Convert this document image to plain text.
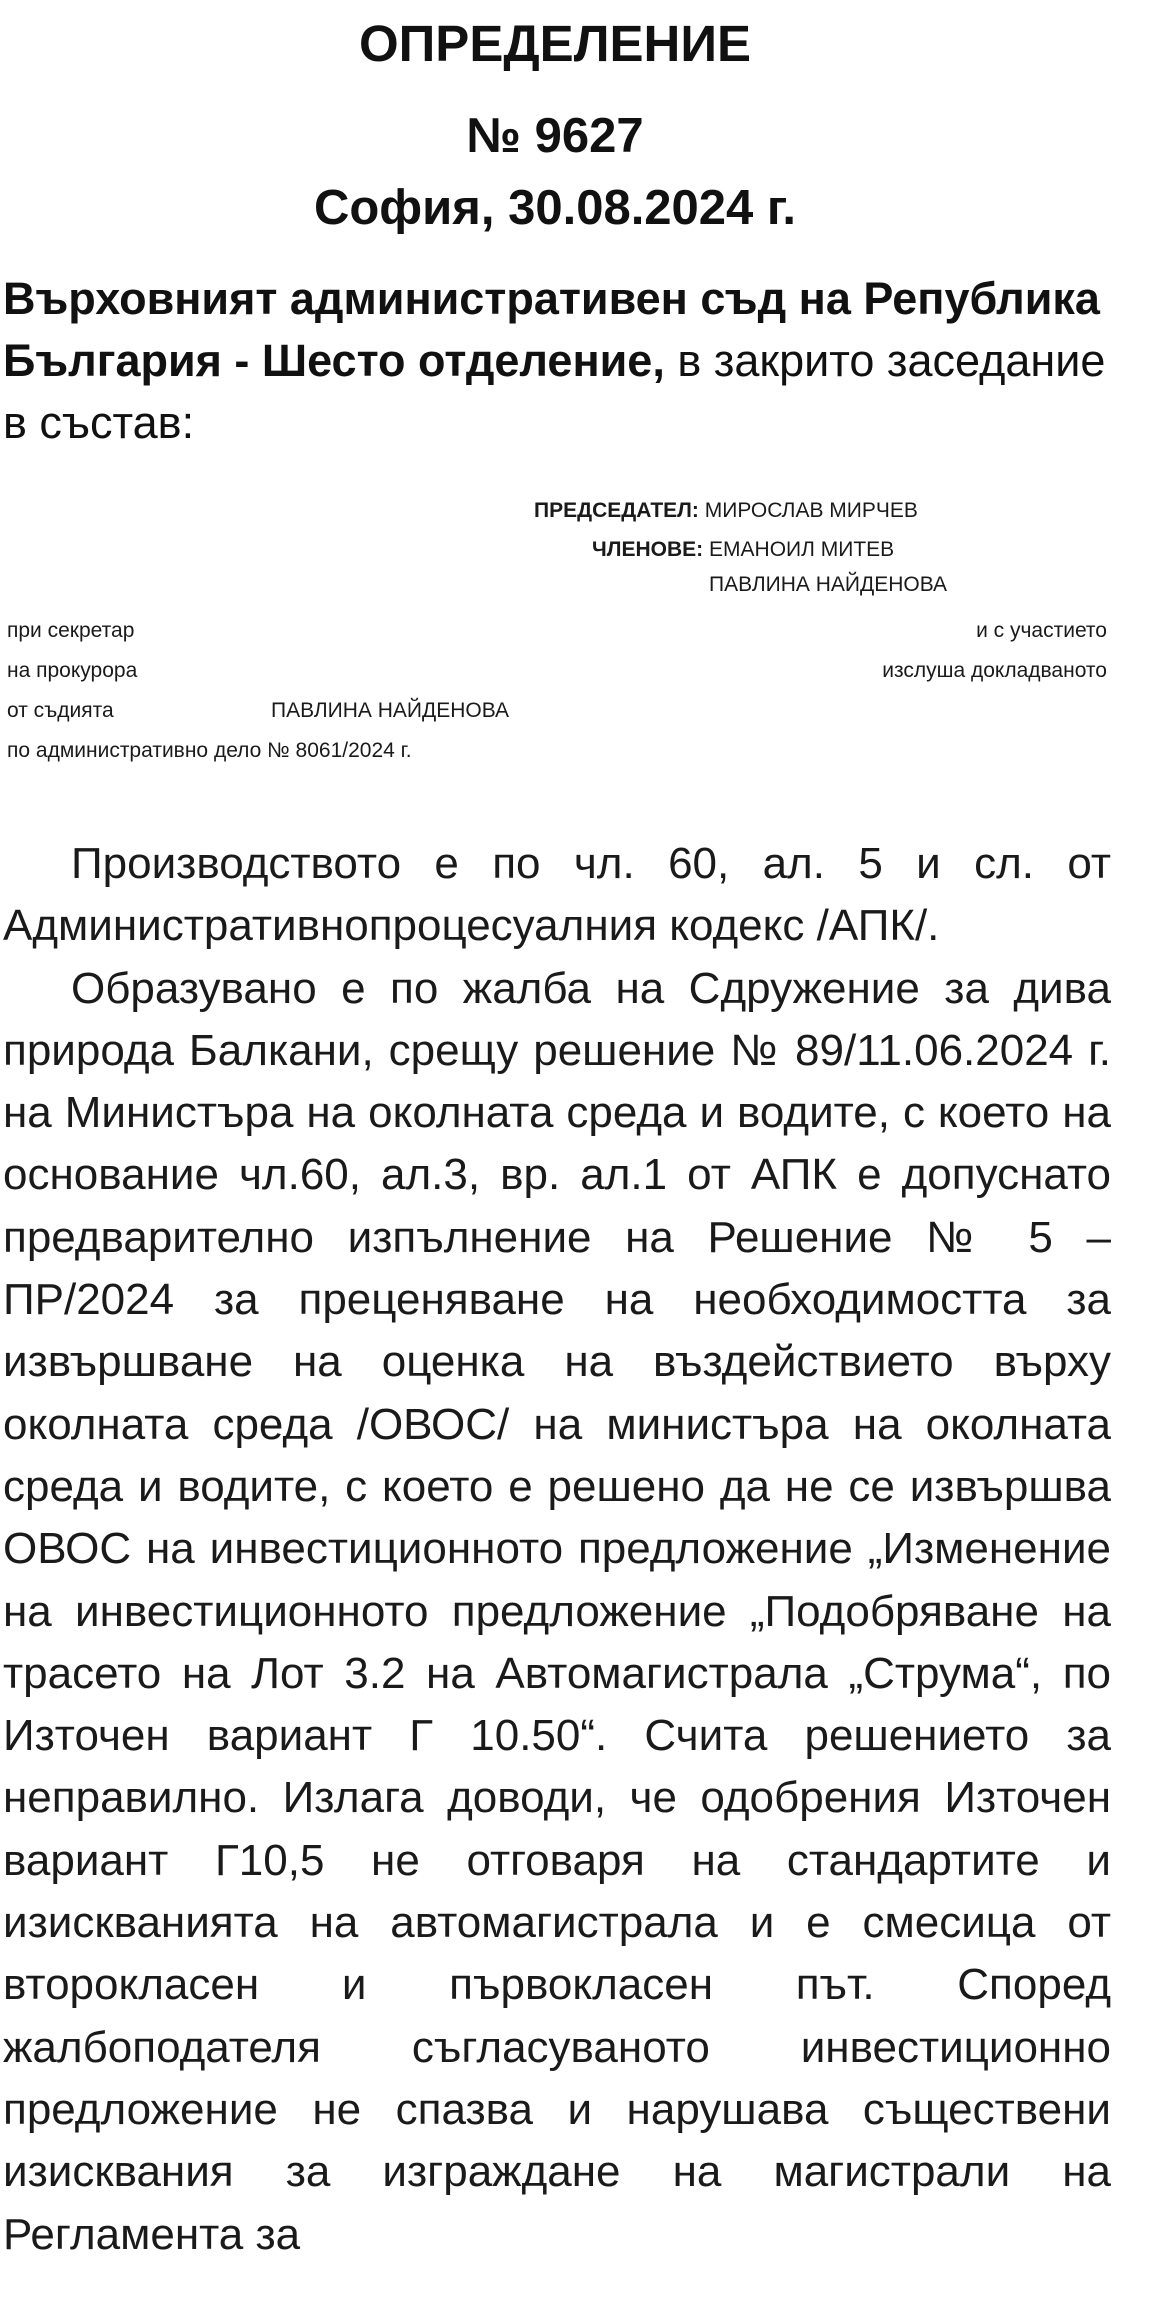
ОПРЕДЕЛЕНИЕ
№ 9627
София, 30.08.2024 г.
Върховният административен съд на Република България - Шесто отделение, в закрито заседание в състав:
ПРЕДСЕДАТЕЛ: МИРОСЛАВ МИРЧЕВ
ЧЛЕНОВЕ: ЕМАНОИЛ МИТЕВ
ПАВЛИНА НАЙДЕНОВА
при секретар	и с участието
на прокурора	изслуша докладваното
от съдията	ПАВЛИНА НАЙДЕНОВА
по административно дело № 8061/2024 г.

Производството е по чл. 60, ал. 5 и сл. от Административнопроцесуалния кодекс /АПК/.

Образувано е по жалба на Сдружение за дива природа Балкани, срещу решение № 89/11.06.2024 г. на Министъра на околната среда и водите, с което на основание чл.60, ал.3, вр. ал.1 от АПК е допуснато предварително изпълнение на Решение № 5 – ПР/2024 за преценяване на необходимостта за извършване на оценка на въздействието върху околната среда /ОВОС/ на министъра на околната среда и водите, с което е решено да не се извършва ОВОС на инвестиционното предложение „Изменение на инвестиционното предложение „Подобряване на трасето на Лот 3.2 на Автомагистрала „Струма“, по Източен вариант Г 10.50“. Счита решението за неправилно. Излага доводи, че одобрения Източен вариант Г10,5 не отговаря на стандартите и изискванията на автомагистрала и е смесица от второкласен и първокласен път. Според жалбоподателя съгласуваното инвестиционно предложение не спазва и нарушава съществени изисквания за изграждане на магистрали на Регламента за
